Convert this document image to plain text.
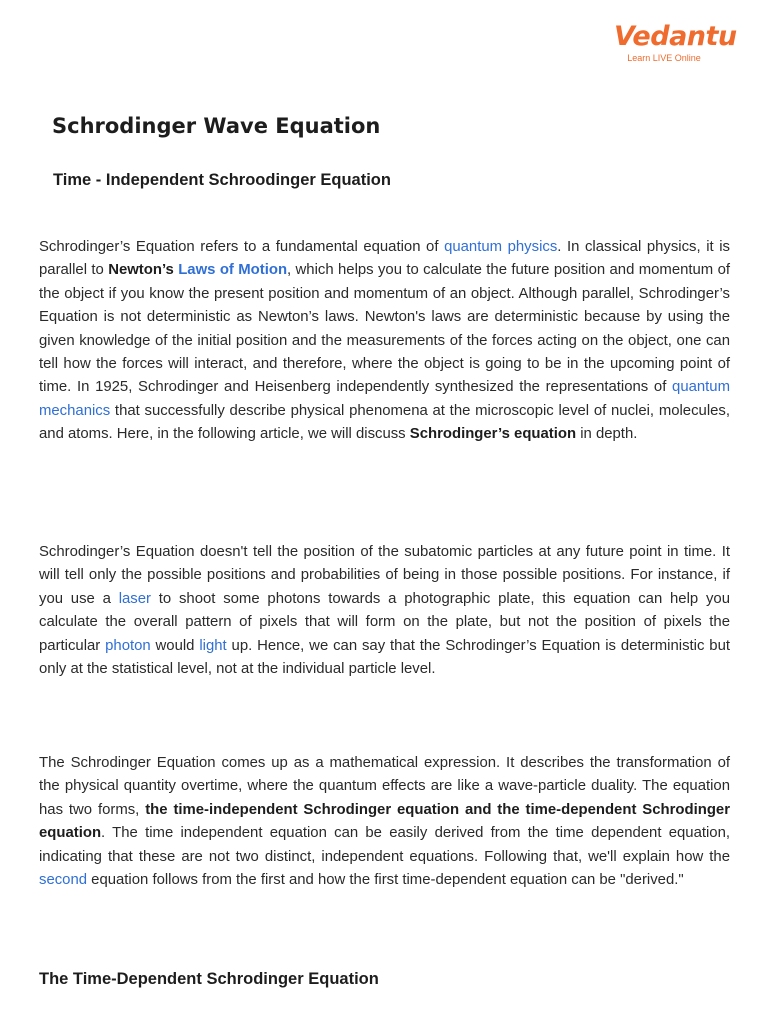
Vedantu
Learn LIVE Online
Schrodinger Wave Equation
Time - Independent Schroodinger Equation

Schrodinger’s Equation refers to a fundamental equation of quantum physics. In classical physics, it is parallel to Newton’s Laws of Motion, which helps you to calculate the future position and momentum of the object if you know the present position and momentum of an object. Although parallel, Schrodinger’s Equation is not deterministic as Newton’s laws. Newton's laws are deterministic because by using the given knowledge of the initial position and the measurements of the forces acting on the object, one can tell how the forces will interact, and therefore, where the object is going to be in the upcoming point of time. In 1925, Schrodinger and Heisenberg independently synthesized the representations of quantum mechanics that successfully describe physical phenomena at the microscopic level of nuclei, molecules, and atoms. Here, in the following article, we will discuss Schrodinger’s equation in depth.

Schrodinger’s Equation doesn't tell the position of the subatomic particles at any future point in time. It will tell only the possible positions and probabilities of being in those possible positions. For instance, if you use a laser to shoot some photons towards a photographic plate, this equation can help you calculate the overall pattern of pixels that will form on the plate, but not the position of pixels the particular photon would light up. Hence, we can say that the Schrodinger’s Equation is deterministic but only at the statistical level, not at the individual particle level.

The Schrodinger Equation comes up as a mathematical expression. It describes the transformation of the physical quantity overtime, where the quantum effects are like a wave-particle duality. The equation has two forms, the time-independent Schrodinger equation and the time-dependent Schrodinger equation. The time independent equation can be easily derived from the time dependent equation, indicating that these are not two distinct, independent equations. Following that, we'll explain how the second equation follows from the first and how the first time-dependent equation can be "derived."

The Time-Dependent Schrodinger Equation
